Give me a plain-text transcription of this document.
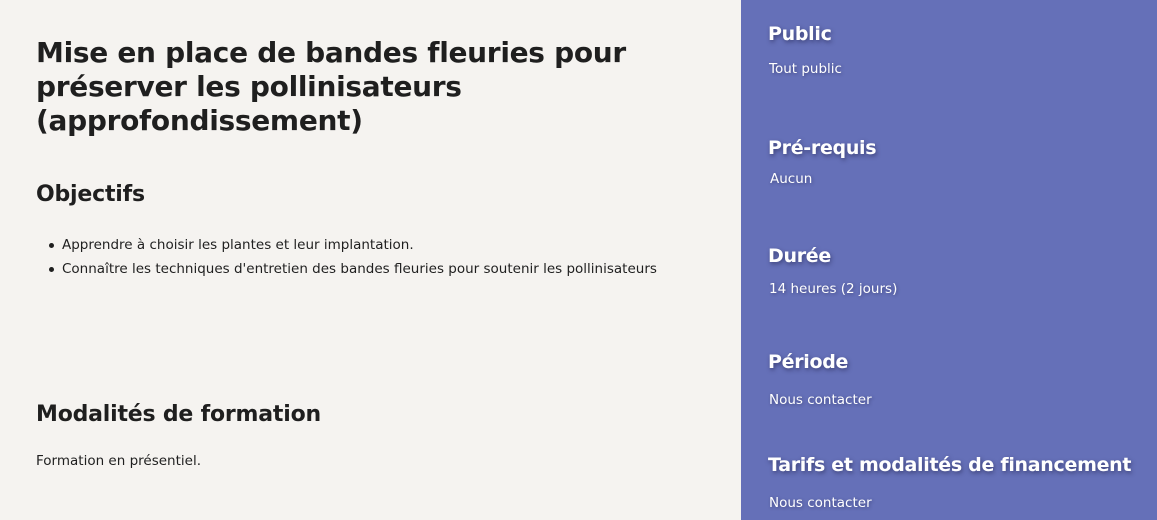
Mise en place de bandes fleuries pour préserver les pollinisateurs (approfondissement)
Objectifs
Apprendre à choisir les plantes et leur implantation.
Connaître les techniques d'entretien des bandes fleuries pour soutenir les pollinisateurs
Modalités de formation

Formation en présentiel.

Public

Tout public

Pré-requis

Aucun

Durée

14 heures (2 jours)

Période

Nous contacter

Tarifs et modalités de financement

Nous contacter
